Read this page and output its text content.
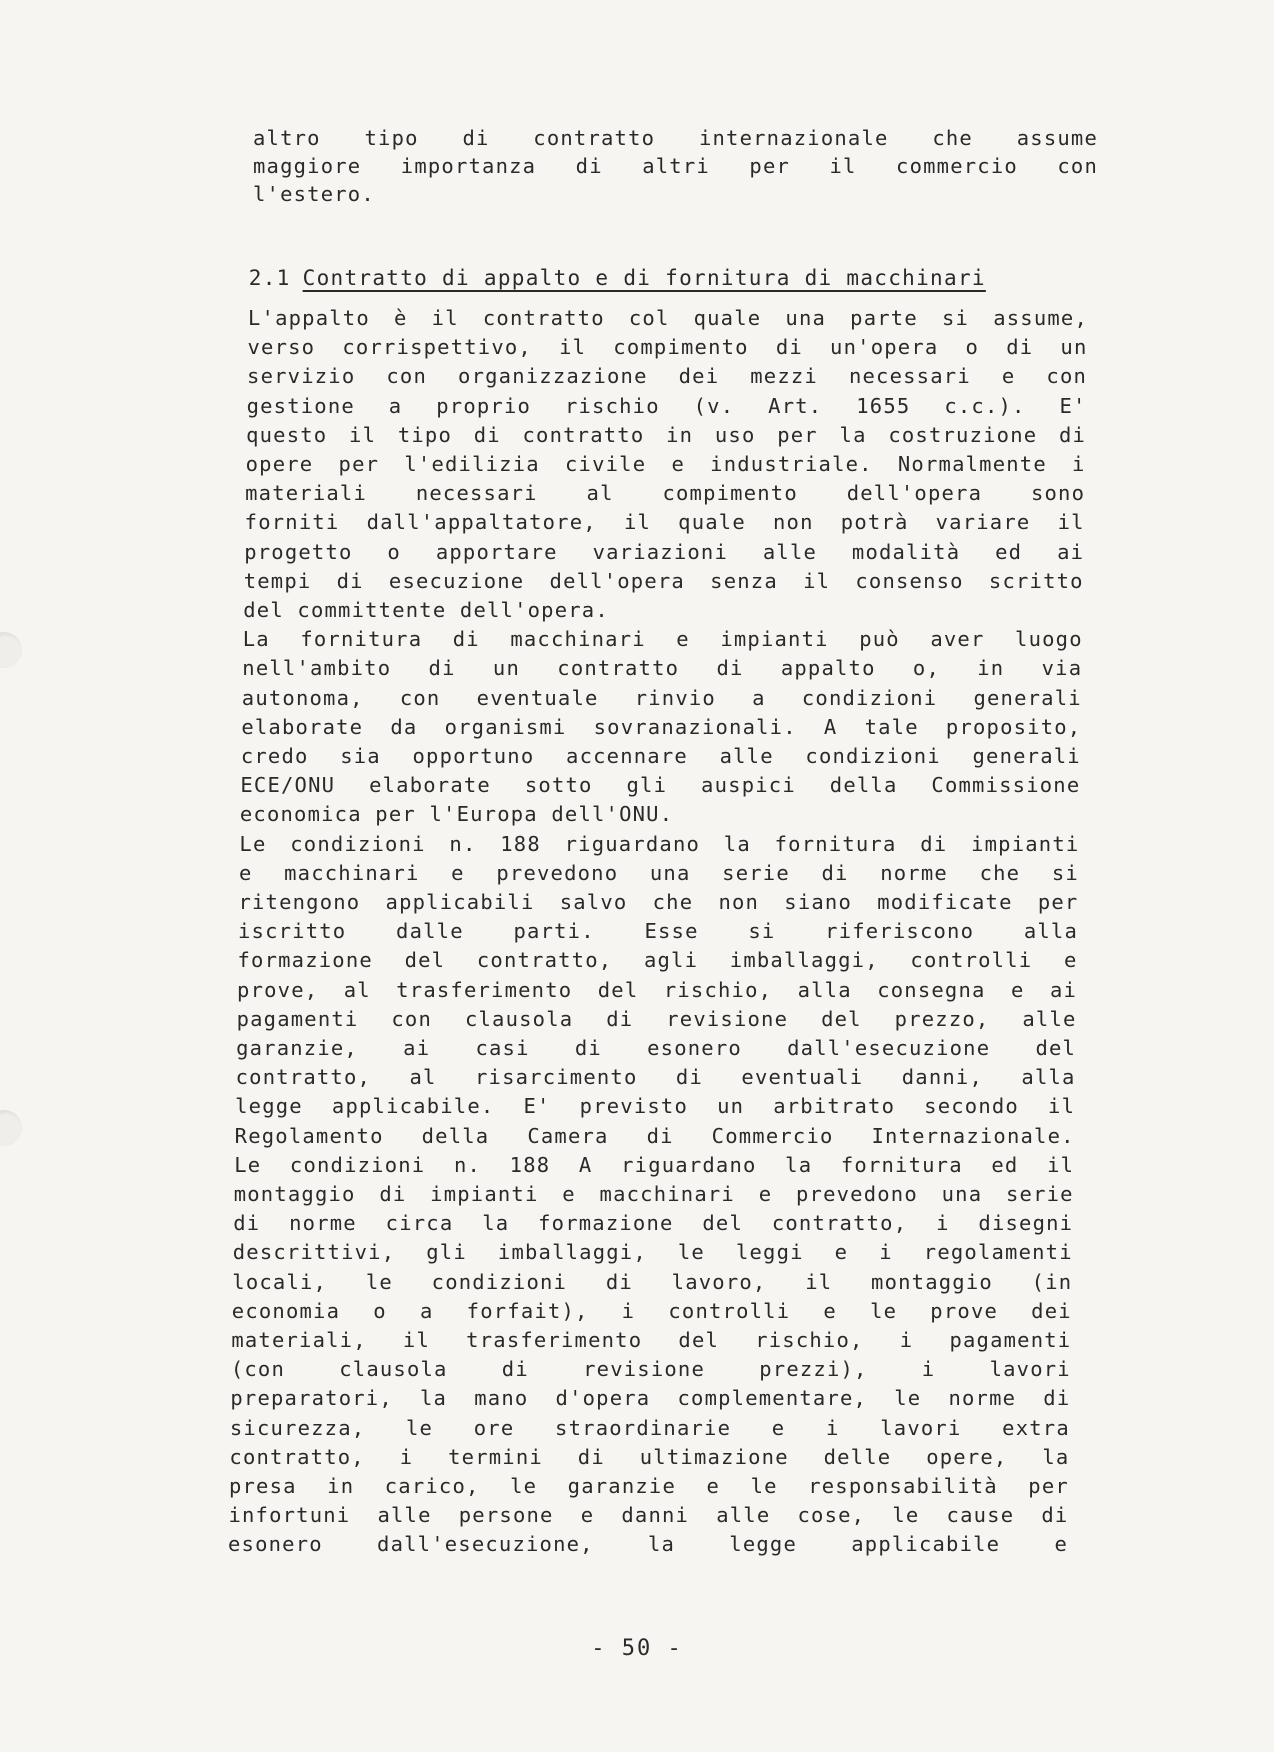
altro tipo di contratto internazionale che assume
maggiore importanza di altri per il commercio con
l'estero.

2.1 Contratto di appalto e di fornitura di macchinari

L'appalto è il contratto col quale una parte si assume,
verso corrispettivo, il compimento di un'opera o di un
servizio con organizzazione dei mezzi necessari e con
gestione a proprio rischio (v. Art. 1655 c.c.). E'
questo il tipo di contratto in uso per la costruzione di
opere per l'edilizia civile e industriale. Normalmente i
materiali necessari al compimento dell'opera sono
forniti dall'appaltatore, il quale non potrà variare il
progetto o apportare variazioni alle modalità ed ai
tempi di esecuzione dell'opera senza il consenso scritto
del committente dell'opera.
La fornitura di macchinari e impianti può aver luogo
nell'ambito di un contratto di appalto o, in via
autonoma, con eventuale rinvio a condizioni generali
elaborate da organismi sovranazionali. A tale proposito,
credo sia opportuno accennare alle condizioni generali
ECE/ONU elaborate sotto gli auspici della Commissione
economica per l'Europa dell'ONU.
Le condizioni n. 188 riguardano la fornitura di impianti
e macchinari e prevedono una serie di norme che si
ritengono applicabili salvo che non siano modificate per
iscritto dalle parti. Esse si riferiscono alla
formazione del contratto, agli imballaggi, controlli e
prove, al trasferimento del rischio, alla consegna e ai
pagamenti con clausola di revisione del prezzo, alle
garanzie, ai casi di esonero dall'esecuzione del
contratto, al risarcimento di eventuali danni, alla
legge applicabile. E' previsto un arbitrato secondo il
Regolamento della Camera di Commercio Internazionale.
Le condizioni n. 188 A riguardano la fornitura ed il
montaggio di impianti e macchinari e prevedono una serie
di norme circa la formazione del contratto, i disegni
descrittivi, gli imballaggi, le leggi e i regolamenti
locali, le condizioni di lavoro, il montaggio (in
economia o a forfait), i controlli e le prove dei
materiali, il trasferimento del rischio, i pagamenti
(con clausola di revisione prezzi), i lavori
preparatori, la mano d'opera complementare, le norme di
sicurezza, le ore straordinarie e i lavori extra
contratto, i termini di ultimazione delle opere, la
presa in carico, le garanzie e le responsabilità per
infortuni alle persone e danni alle cose, le cause di
esonero dall'esecuzione, la legge applicabile e
- 50 -
